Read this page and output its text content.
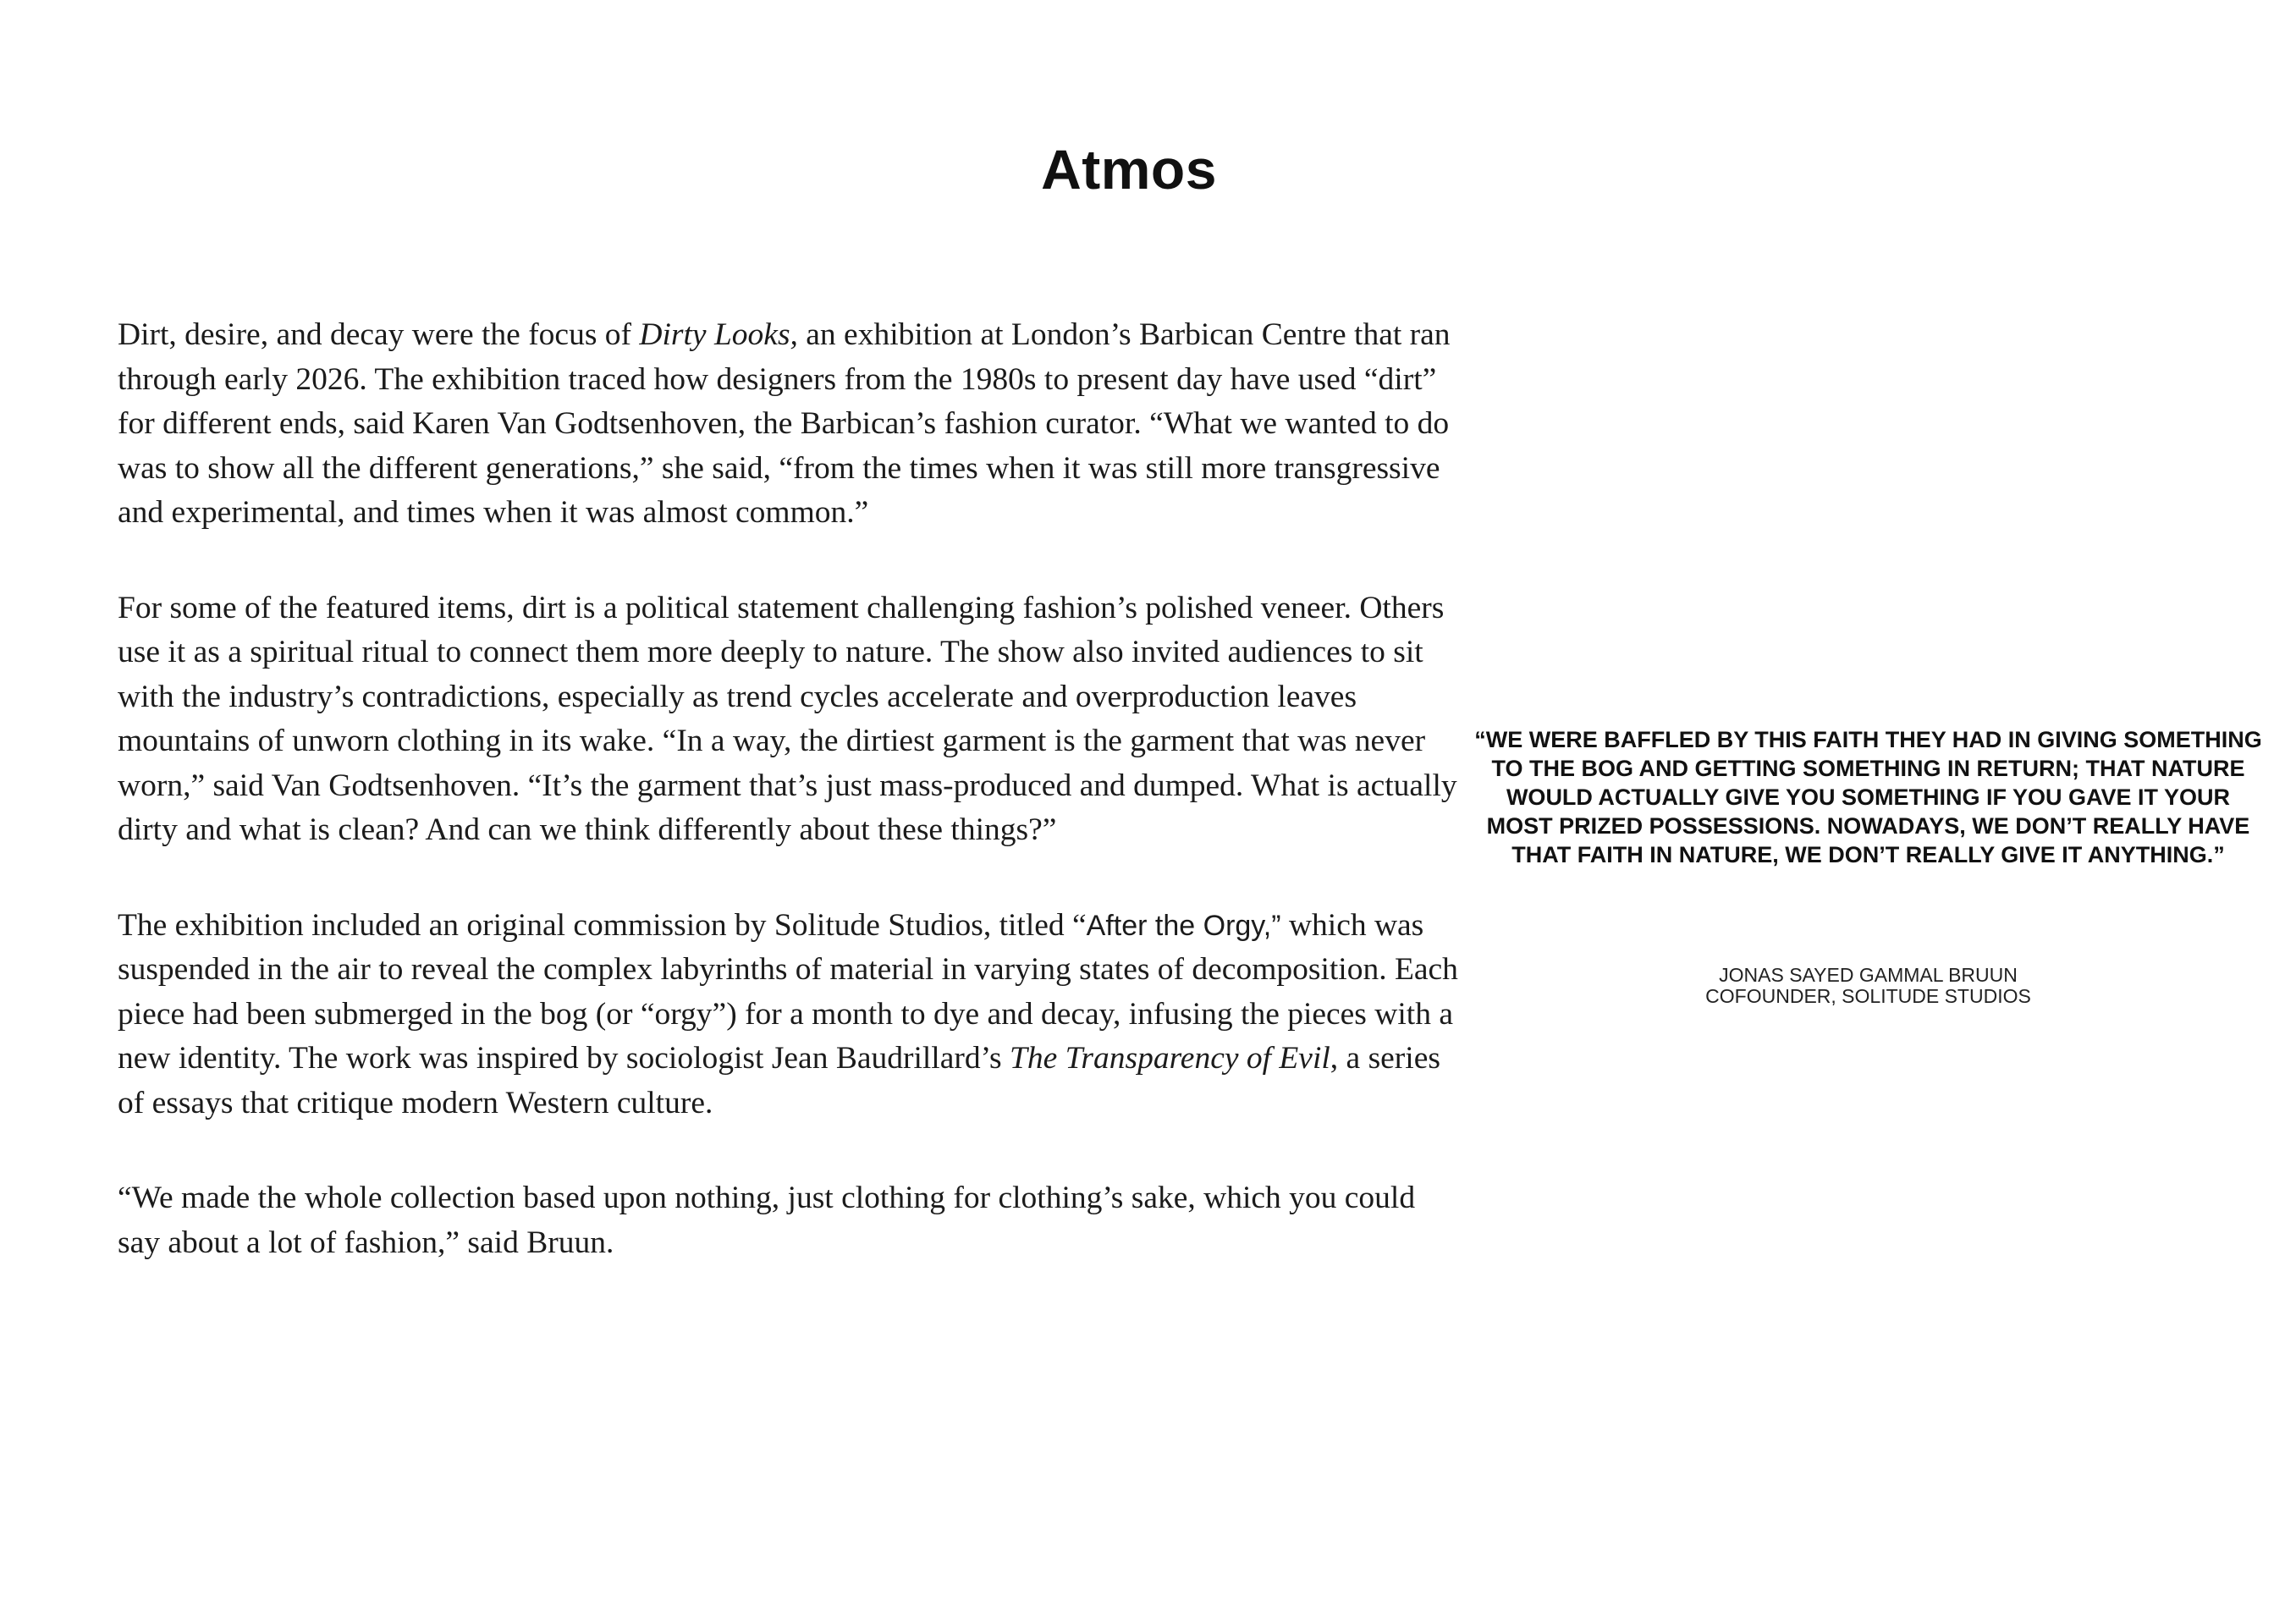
Atmos

Dirt, desire, and decay were the focus of Dirty Looks, an exhibition at London’s Barbican Centre that ran through early 2026. The exhibition traced how designers from the 1980s to present day have used “dirt” for different ends, said Karen Van Godtsenhoven, the Barbican’s fashion curator. “What we wanted to do was to show all the different generations,” she said, “from the times when it was still more transgressive and experimental, and times when it was almost common.”

For some of the featured items, dirt is a political statement challenging fashion’s polished veneer. Others use it as a spiritual ritual to connect them more deeply to nature. The show also invited audiences to sit with the industry’s contradictions, especially as trend cycles accelerate and overproduction leaves mountains of unworn clothing in its wake. “In a way, the dirtiest garment is the garment that was never worn,” said Van Godtsenhoven. “It’s the garment that’s just mass-produced and dumped. What is actually dirty and what is clean? And can we think differently about these things?”

The exhibition included an original commission by Solitude Studios, titled “After the Orgy,” which was suspended in the air to reveal the complex labyrinths of material in varying states of decomposition. Each piece had been submerged in the bog (or “orgy”) for a month to dye and decay, infusing the pieces with a new identity. The work was inspired by sociologist Jean Baudrillard’s The Transparency of Evil, a series of essays that critique modern Western culture.

“We made the whole collection based upon nothing, just clothing for clothing’s sake, which you could say about a lot of fashion,” said Bruun.

“WE WERE BAFFLED BY THIS FAITH THEY HAD IN GIVING SOMETHING TO THE BOG AND GETTING SOMETHING IN RETURN; THAT NATURE WOULD ACTUALLY GIVE YOU SOMETHING IF YOU GAVE IT YOUR MOST PRIZED POSSESSIONS. NOWADAYS, WE DON’T REALLY HAVE THAT FAITH IN NATURE, WE DON’T REALLY GIVE IT ANYTHING.”
JONAS SAYED GAMMAL BRUUN
COFOUNDER, SOLITUDE STUDIOS
